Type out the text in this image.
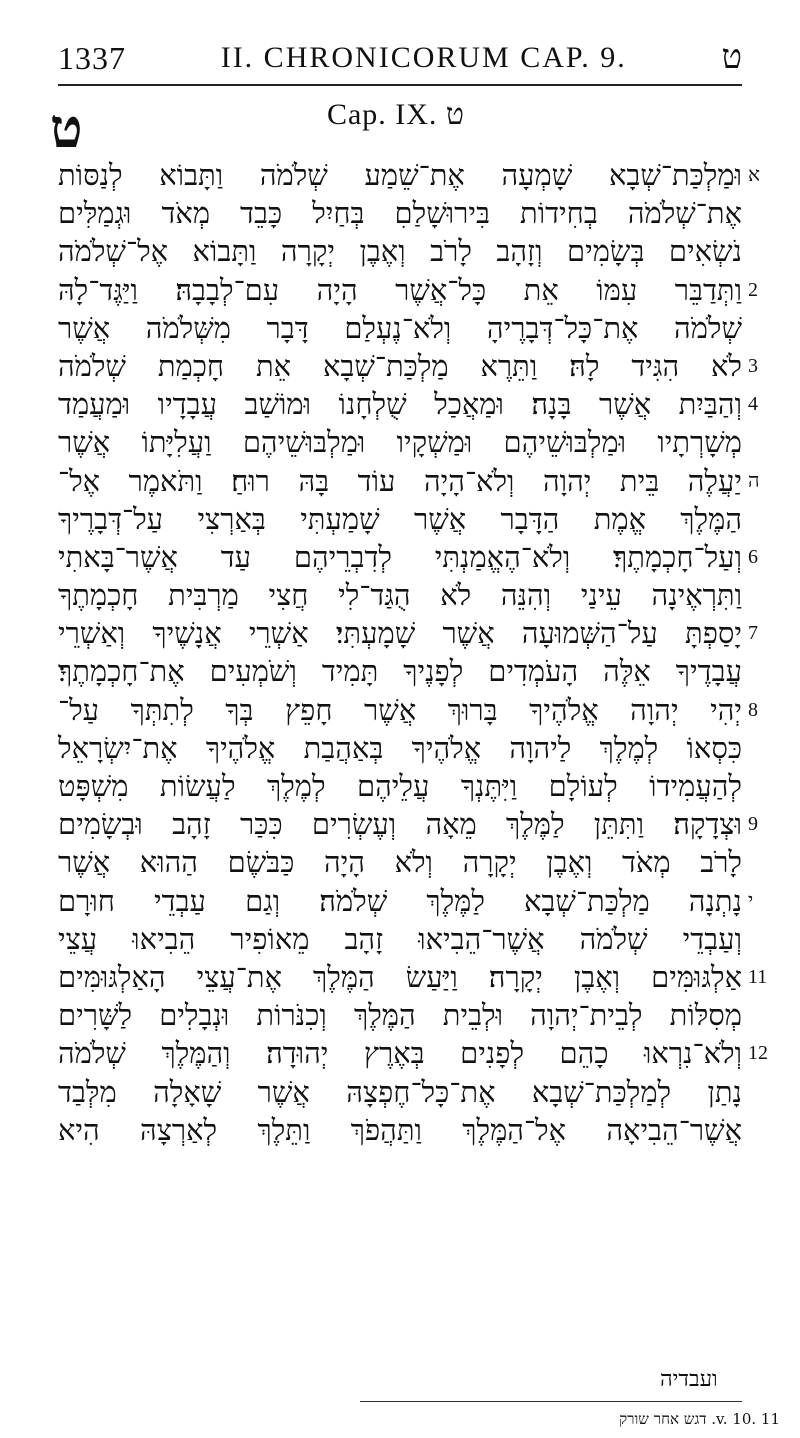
1337	II. CHRONICORUM CAP. 9.	ט
ט	Cap. IX. ט
וּמַלְכַּת־שְׁבָא שָׁמְעָה אֶת־שֵׁמַע שְׁלֹמֹה וַתָּבוֹא לְנַסּוֹת א
אֶת־שְׁלֹמֹה בְחִידוֹת בִּירוּשָׁלַםִ בְּחַיִל כָּבֵד מְאֹד וּגְמַלִּים
נֹשְׂאִים בְּשָׂמִים וְזָהָב לָרֹב וְאֶבֶן יְקָרָה וַתָּבוֹא אֶל־שְׁלֹמֹה
וַתְּדַבֵּר עִמּוֹ אֵת כָּל־אֲשֶׁר הָיָה עִם־לְבָבָהּ׃ וַיַּגֶּד־לָהּ 2
שְׁלֹמֹה אֶת־כָּל־דְּבָרֶיהָ וְלֹא־נֶעְלַם דָּבָר מִשְּׁלֹמֹה אֲשֶׁר
לֹא הִגִּיד לָהּ׃ וַתֵּרֶא מַלְכַּת־שְׁבָא אֵת חָכְמַת שְׁלֹמֹה 3
וְהַבַּיִת אֲשֶׁר בָּנָה׃ וּמַאֲכַל שֻׁלְחָנוֹ וּמוֹשַׁב עֲבָדָיו וּמַעֲמַד 4
מְשָׁרְתָיו וּמַלְבּוּשֵׁיהֶם וּמַשְׁקָיו וּמַלְבּוּשֵׁיהֶם וַעֲלִיָּתוֹ אֲשֶׁר
יַעֲלֶה בֵּית יְהוָה וְלֹא־הָיָה עוֹד בָּהּ רוּחַ׃ וַתֹּאמֶר אֶל־ ה
הַמֶּלֶךְ אֱמֶת הַדָּבָר אֲשֶׁר שָׁמַעְתִּי בְּאַרְצִי עַל־דְּבָרֶיךָ
וְעַל־חָכְמָתֶךָ׃ וְלֹא־הֶאֱמַנְתִּי לְדִבְרֵיהֶם עַד אֲשֶׁר־בָּאתִי 6
וַתִּרְאֶינָה עֵינַי וְהִנֵּה לֹא הֻגַּד־לִי חֲצִי מַרְבִּית חָכְמָתֶךָ
יָסַפְתָּ עַל־הַשְּׁמוּעָה אֲשֶׁר שָׁמָעְתִּי׃ אַשְׁרֵי אֲנָשֶׁיךָ וְאַשְׁרֵי 7
עֲבָדֶיךָ אֵלֶּה הָעֹמְדִים לְפָנֶיךָ תָּמִיד וְשֹׁמְעִים אֶת־חָכְמָתֶךָ׃
יְהִי יְהוָה אֱלֹהֶיךָ בָּרוּךְ אֲשֶׁר חָפֵץ בְּךָ לְתִתְּךָ עַל־ 8
כִּסְאוֹ לְמֶלֶךְ לַיהוָה אֱלֹהֶיךָ בְּאַהֲבַת אֱלֹהֶיךָ אֶת־יִשְׂרָאֵל
לְהַעֲמִידוֹ לְעוֹלָם וַיִּתֶּנְךָ עֲלֵיהֶם לְמֶלֶךְ לַעֲשׂוֹת מִשְׁפָּט
וּצְדָקָה׃ וַתִּתֵּן לַמֶּלֶךְ מֵאָה וְעֶשְׂרִים כִּכַּר זָהָב וּבְשָׂמִים 9
לָרֹב מְאֹד וְאֶבֶן יְקָרָה וְלֹא הָיָה כַּבֹּשֶׂם הַהוּא אֲשֶׁר
נָתְנָה מַלְכַּת־שְׁבָא לַמֶּלֶךְ שְׁלֹמֹה׃ וְגַם עַבְדֵי חוּרָם י
וְעַבְדֵי שְׁלֹמֹה אֲשֶׁר־הֵבִיאוּ זָהָב מֵאוֹפִיר הֵבִיאוּ עֲצֵי
אַלְגּוּמִּים וְאֶבֶן יְקָרָה׃ וַיַּעַשׂ הַמֶּלֶךְ אֶת־עֲצֵי הָאַלְגּוּמִּים 11
מְסִלּוֹת לְבֵית־יְהוָה וּלְבֵית הַמֶּלֶךְ וְכִנֹּרוֹת וּנְבָלִים לַשָּׁרִים
וְלֹא־נִרְאוּ כָהֵם לְפָנִים בְּאֶרֶץ יְהוּדָה׃ וְהַמֶּלֶךְ שְׁלֹמֹה 12
נָתַן לְמַלְכַּת־שְׁבָא אֶת־כָּל־חֶפְצָהּ אֲשֶׁר שָׁאָלָה מִלְּבַד
אֲשֶׁר־הֵבִיאָה אֶל־הַמֶּלֶךְ וַתַּהֲפֹךְ וַתֵּלֶךְ לְאַרְצָהּ הִיא
ועבדיה
v. 10. 11. דגש אחר שורק
